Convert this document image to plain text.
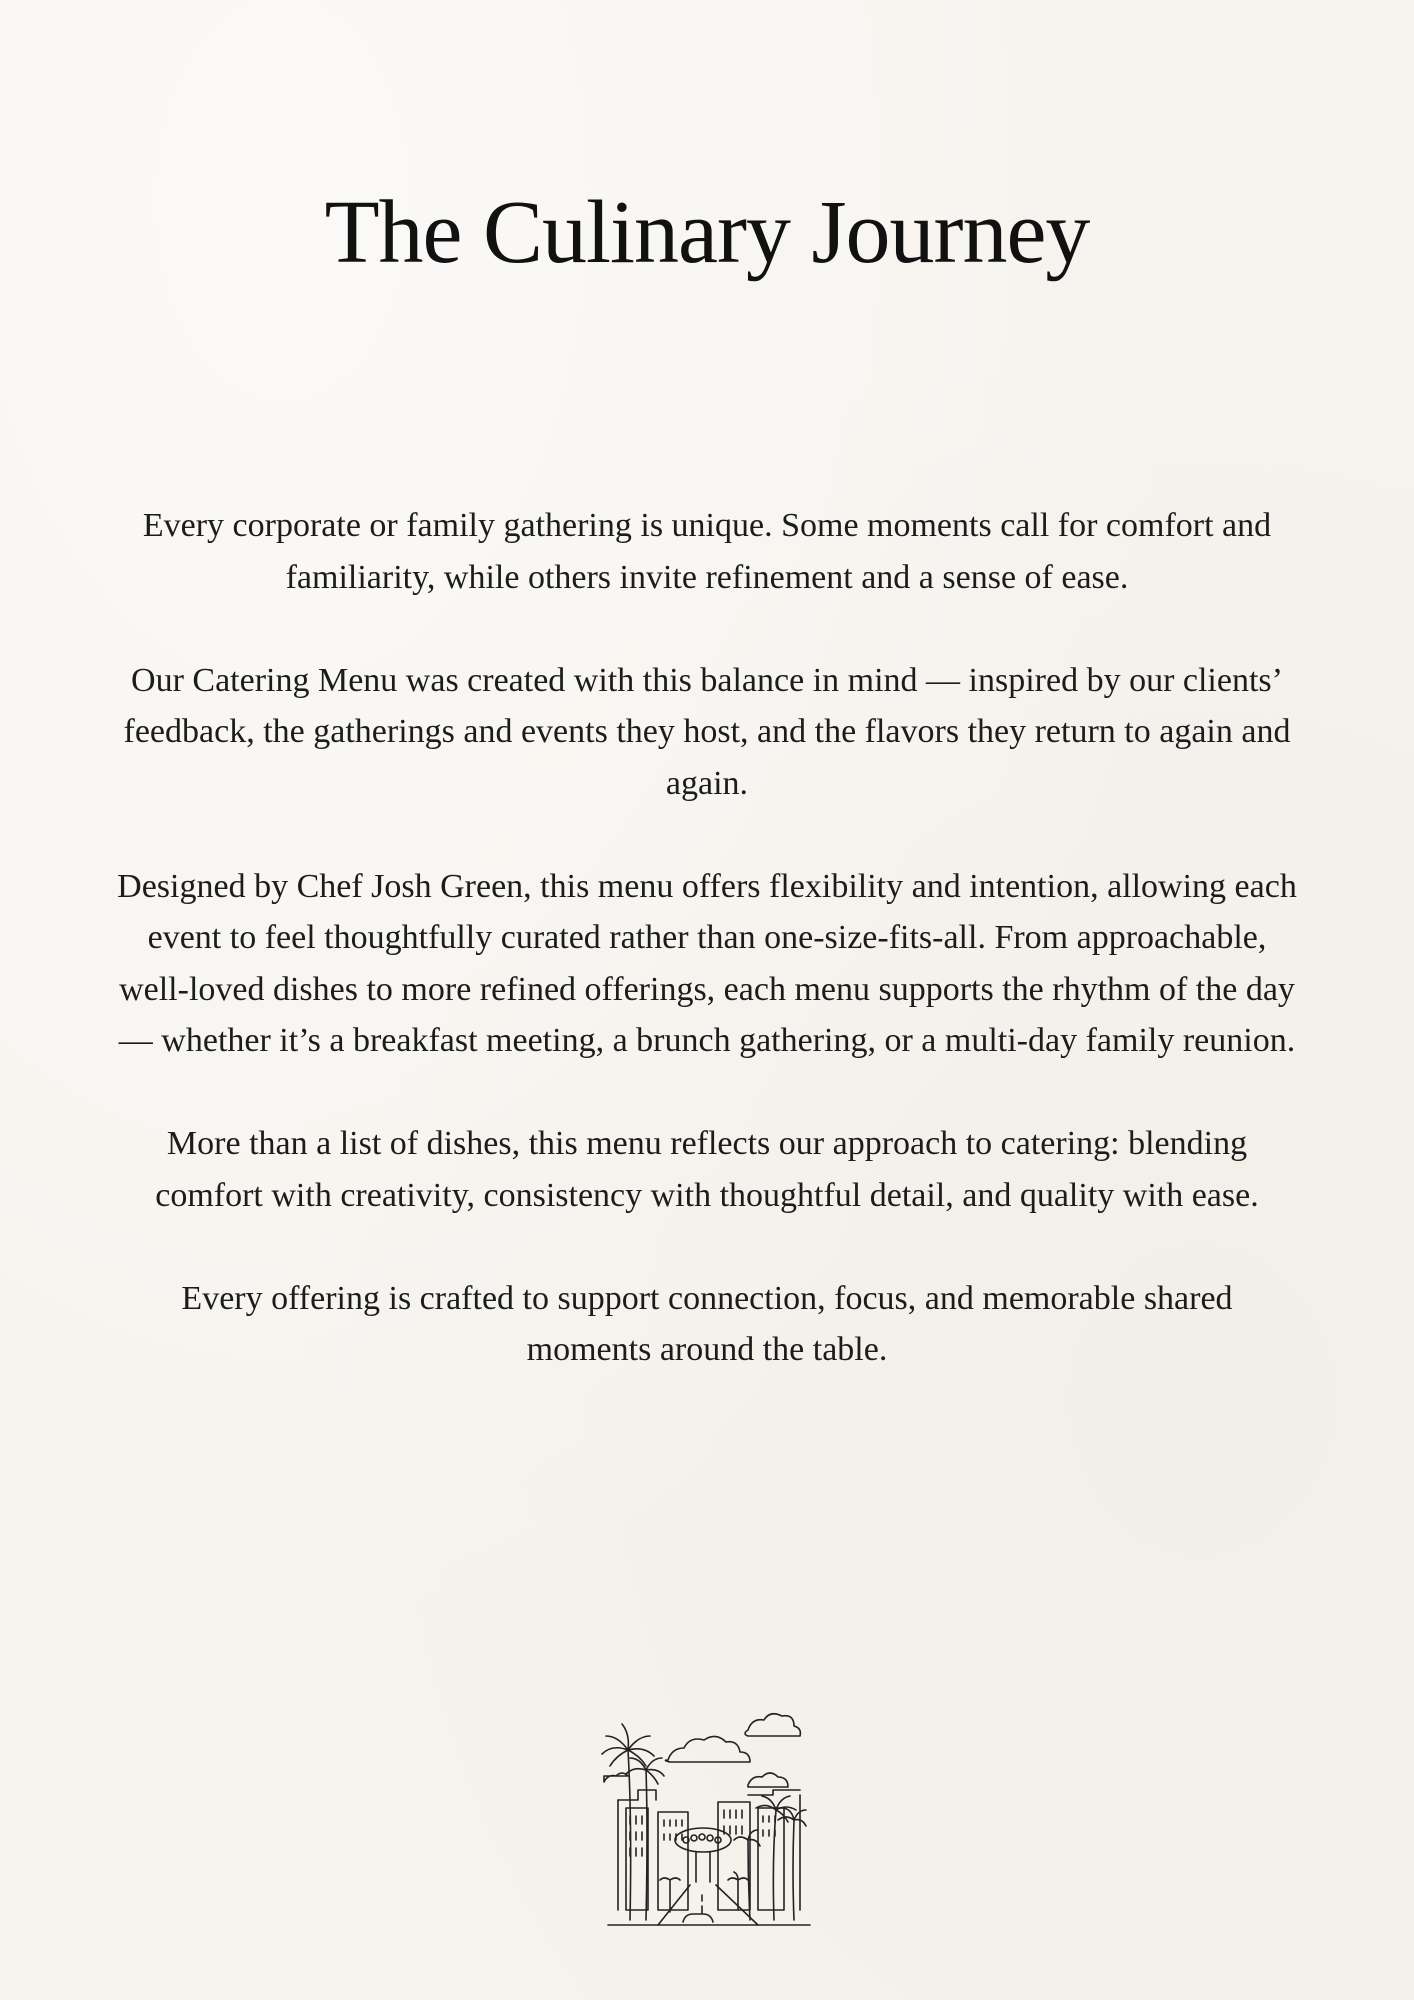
The Culinary Journey

Every corporate or family gathering is unique. Some moments call for comfort and familiarity, while others invite refinement and a sense of ease.

Our Catering Menu was created with this balance in mind — inspired by our clients’ feedback, the gatherings and events they host, and the flavors they return to again and again.

Designed by Chef Josh Green, this menu offers flexibility and intention, allowing each event to feel thoughtfully curated rather than one-size-fits-all. From approachable, well-loved dishes to more refined offerings, each menu supports the rhythm of the day — whether it’s a breakfast meeting, a brunch gathering, or a multi-day family reunion.

More than a list of dishes, this menu reflects our approach to catering: blending comfort with creativity, consistency with thoughtful detail, and quality with ease.

Every offering is crafted to support connection, focus, and memorable shared moments around the table.
